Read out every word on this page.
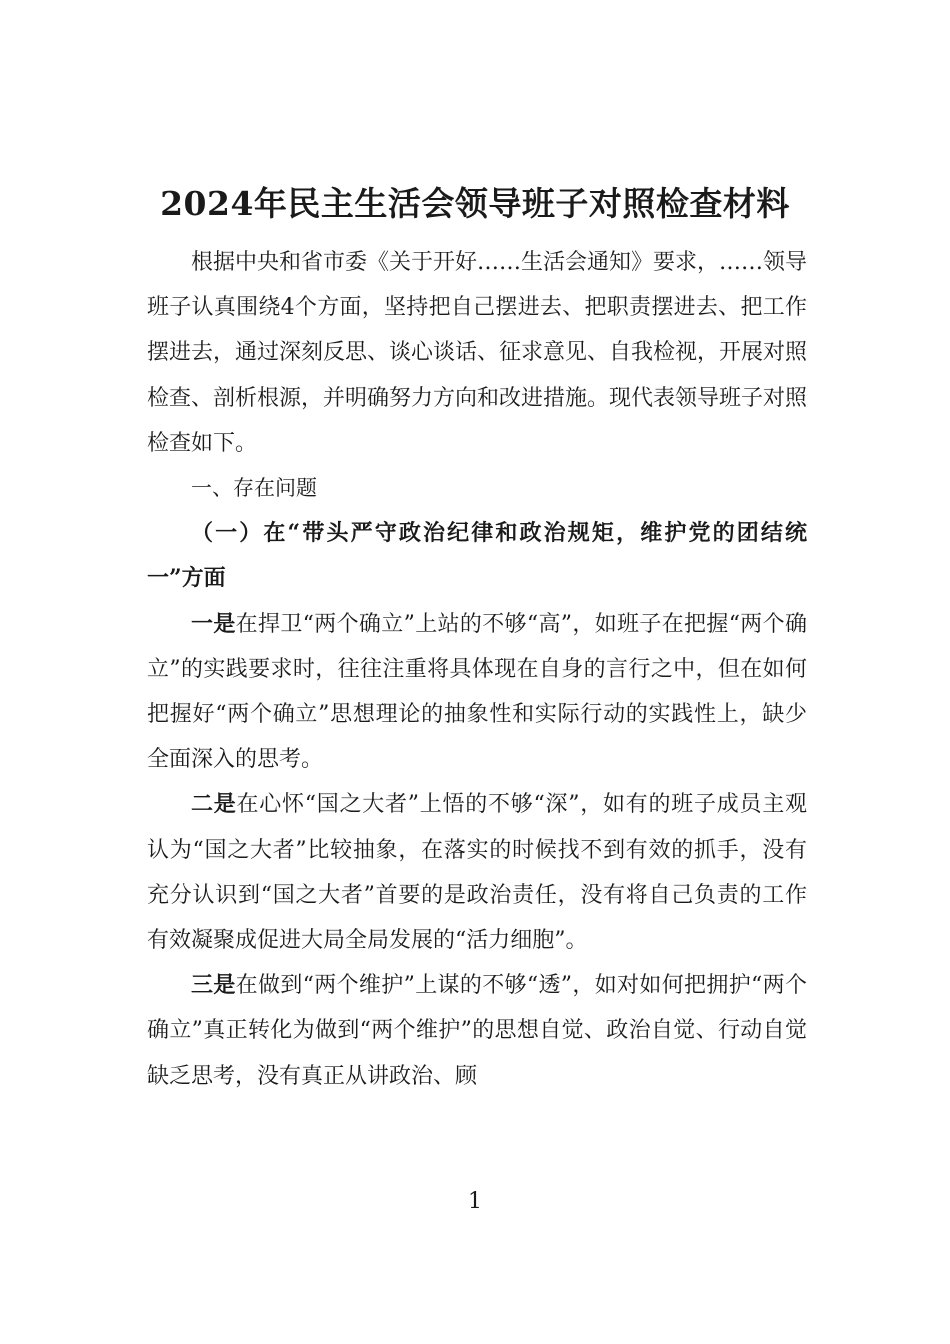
2024年民主生活会领导班子对照检查材料

根据中央和省市委《关于开好……生活会通知》要求，……领导班子认真围绕4个方面，坚持把自己摆进去、把职责摆进去、把工作摆进去，通过深刻反思、谈心谈话、征求意见、自我检视，开展对照检查、剖析根源，并明确努力方向和改进措施。现代表领导班子对照检查如下。

一、存在问题

（一）在“带头严守政治纪律和政治规矩，维护党的团结统一”方面

一是在捍卫“两个确立”上站的不够“高”，如班子在把握“两个确立”的实践要求时，往往注重将具体现在自身的言行之中，但在如何把握好“两个确立”思想理论的抽象性和实际行动的实践性上，缺少全面深入的思考。

二是在心怀“国之大者”上悟的不够“深”，如有的班子成员主观认为“国之大者”比较抽象，在落实的时候找不到有效的抓手，没有充分认识到“国之大者”首要的是政治责任，没有将自己负责的工作有效凝聚成促进大局全局发展的“活力细胞”。

三是在做到“两个维护”上谋的不够“透”，如对如何把拥护“两个确立”真正转化为做到“两个维护”的思想自觉、政治自觉、行动自觉缺乏思考，没有真正从讲政治、顾

1
